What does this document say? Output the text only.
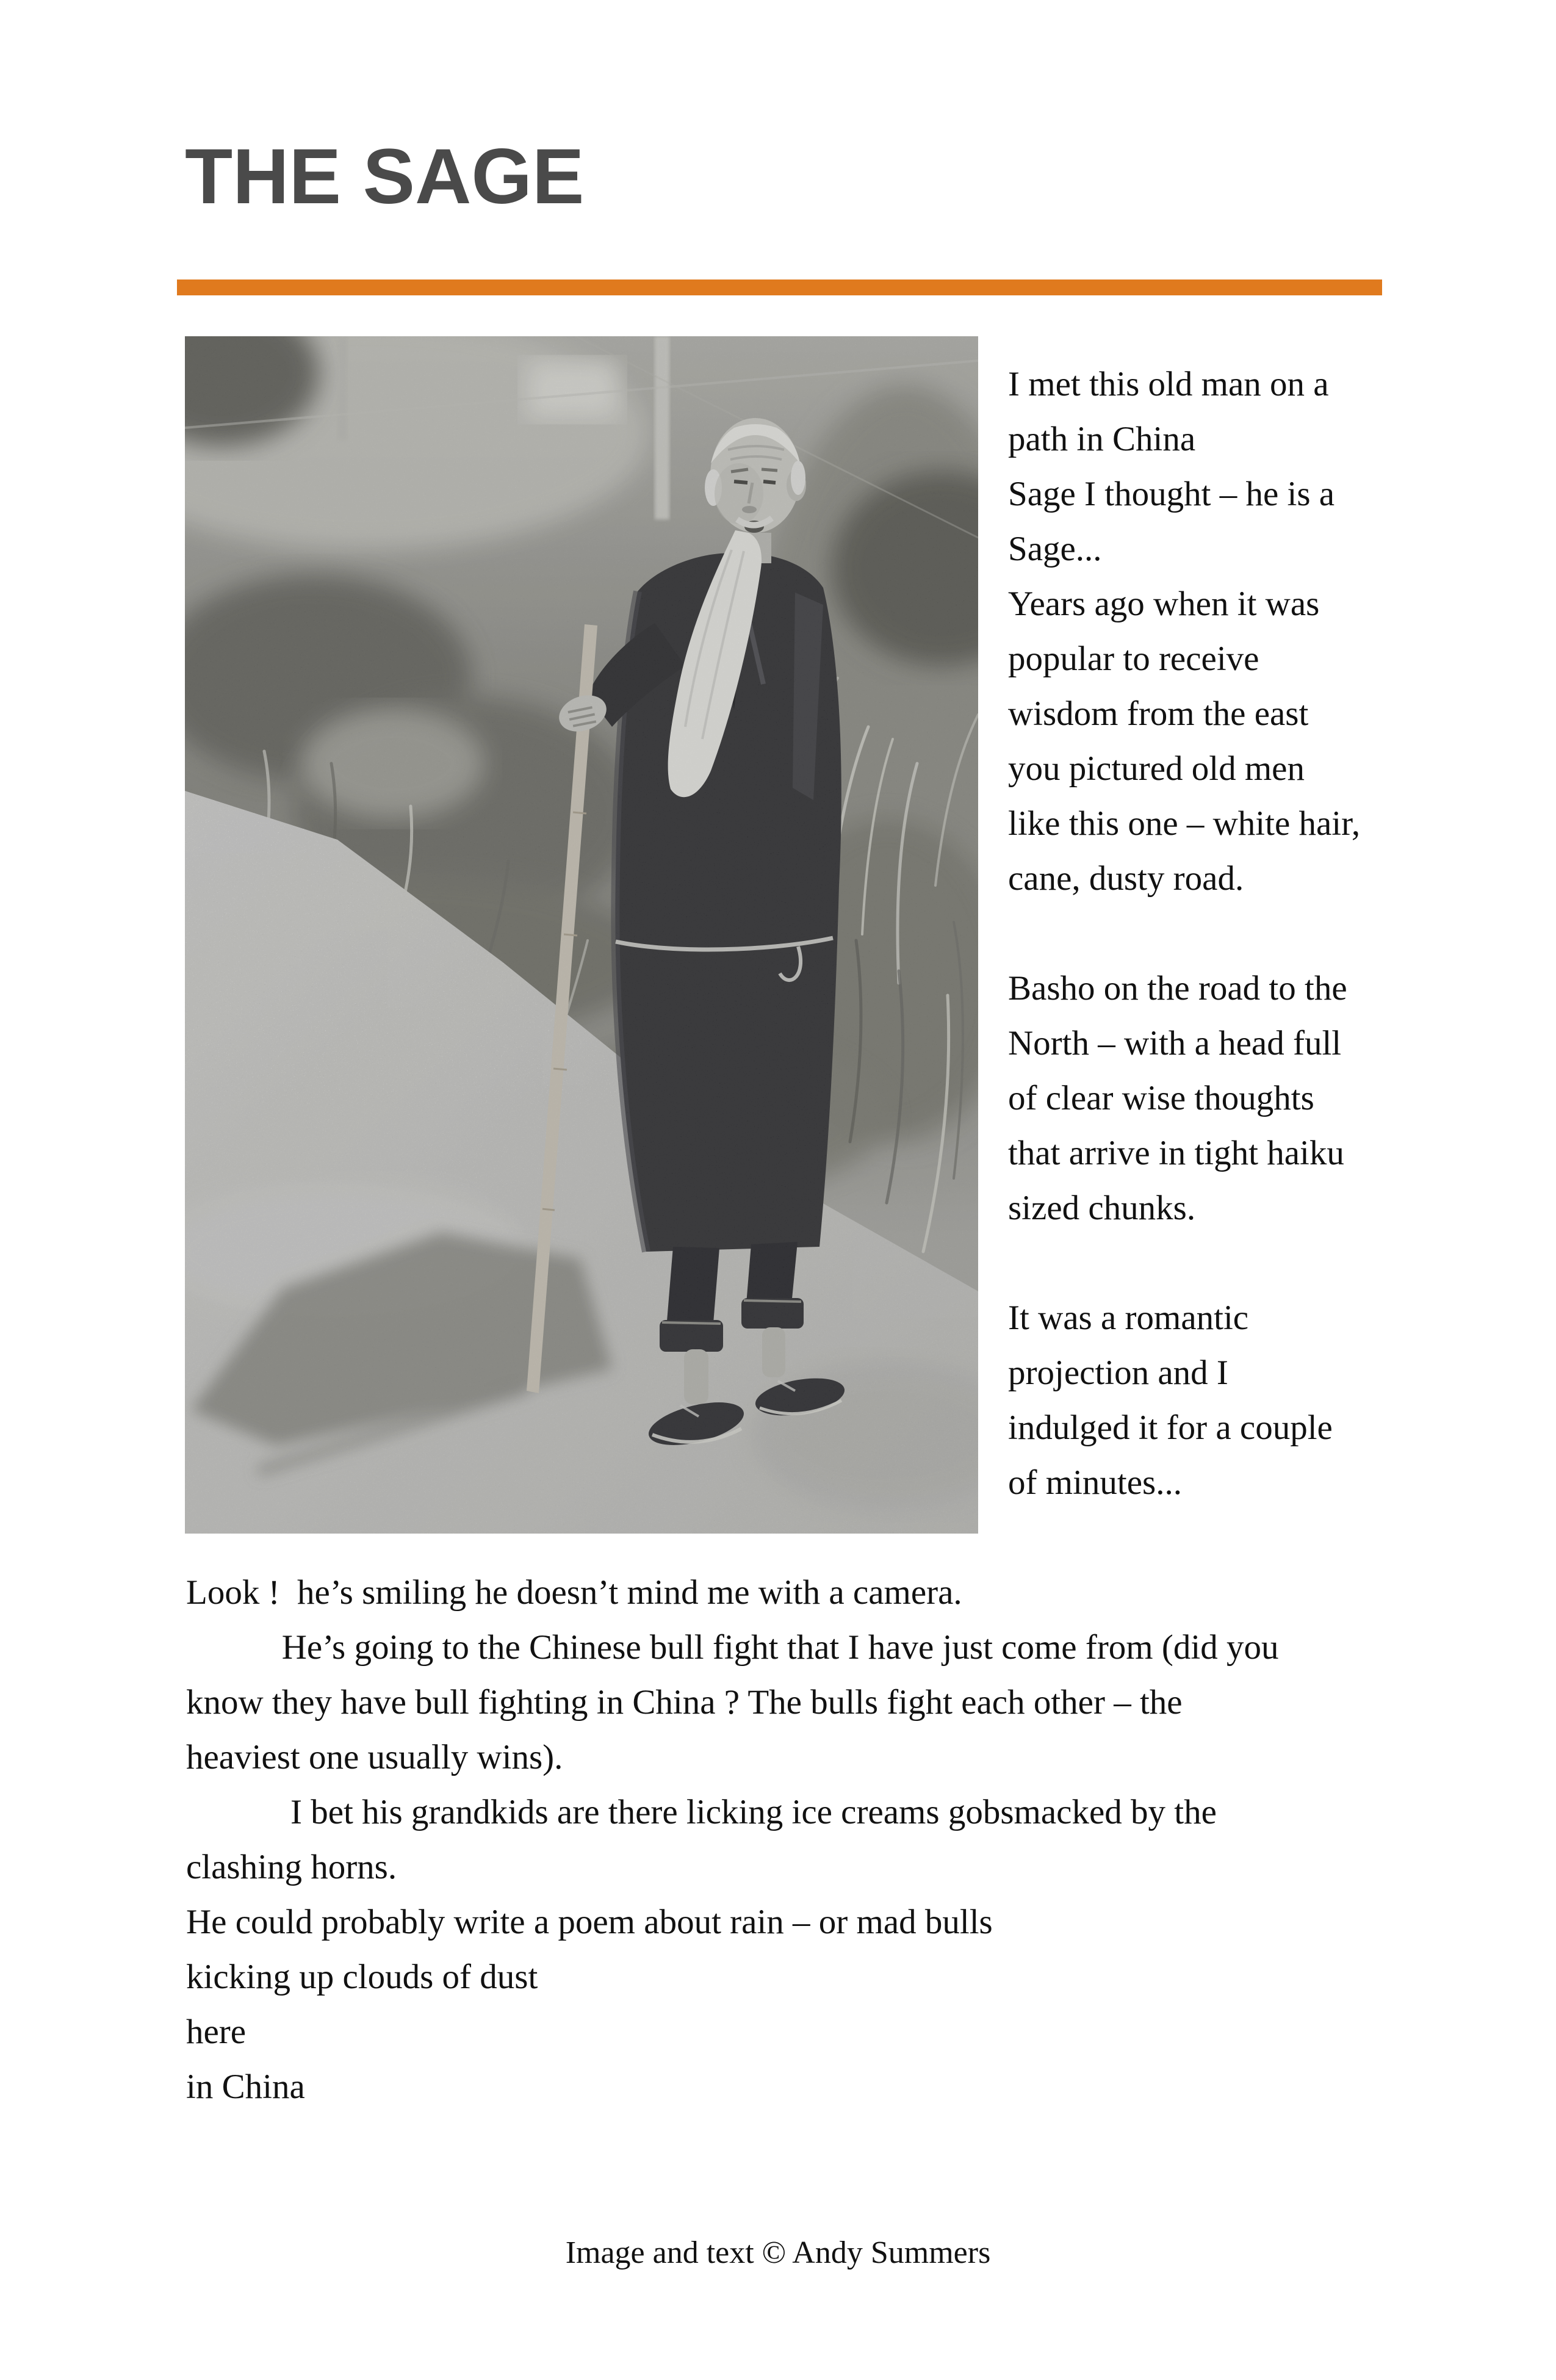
THE SAGE
I met this old man on a
path in China
Sage I thought – he is a
Sage...
Years ago when it was
popular to receive
wisdom from the east
you pictured old men
like this one – white hair,
cane, dusty road.
Basho on the road to the
North – with a head full
of clear wise thoughts
that arrive in tight haiku
sized chunks.
It was a romantic
projection and I
indulged it for a couple
of minutes...
Look !  he’s smiling he doesn’t mind me with a camera.
He’s going to the Chinese bull fight that I have just come from (did you
know they have bull fighting in China ? The bulls fight each other – the
heaviest one usually wins).
I bet his grandkids are there licking ice creams gobsmacked by the
clashing horns.
He could probably write a poem about rain – or mad bulls
kicking up clouds of dust
here
in China
Image and text © Andy Summers
